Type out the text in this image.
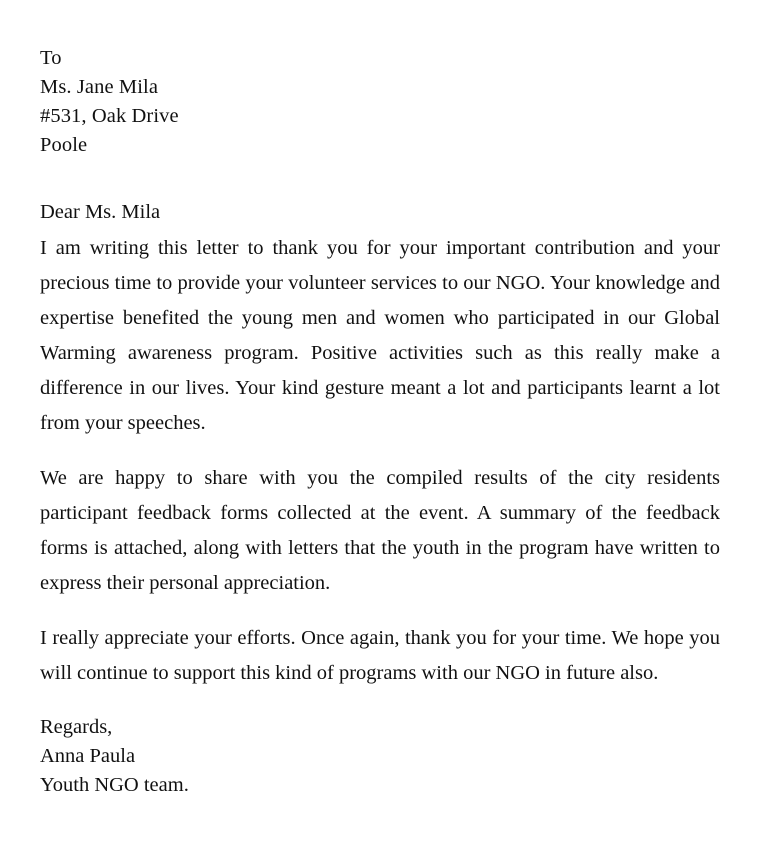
To
Ms. Jane Mila
#531, Oak Drive
Poole
Dear Ms. Mila

I am writing this letter to thank you for your important contribution and your precious time to provide your volunteer services to our NGO. Your knowledge and expertise benefited the young men and women who participated in our Global Warming awareness program. Positive activities such as this really make a difference in our lives. Your kind gesture meant a lot and participants learnt a lot from your speeches.

We are happy to share with you the compiled results of the city residents participant feedback forms collected at the event. A summary of the feedback forms is attached, along with letters that the youth in the program have written to express their personal appreciation.

I really appreciate your efforts. Once again, thank you for your time. We hope you will continue to support this kind of programs with our NGO in future also.

Regards,
Anna Paula
Youth NGO team.
